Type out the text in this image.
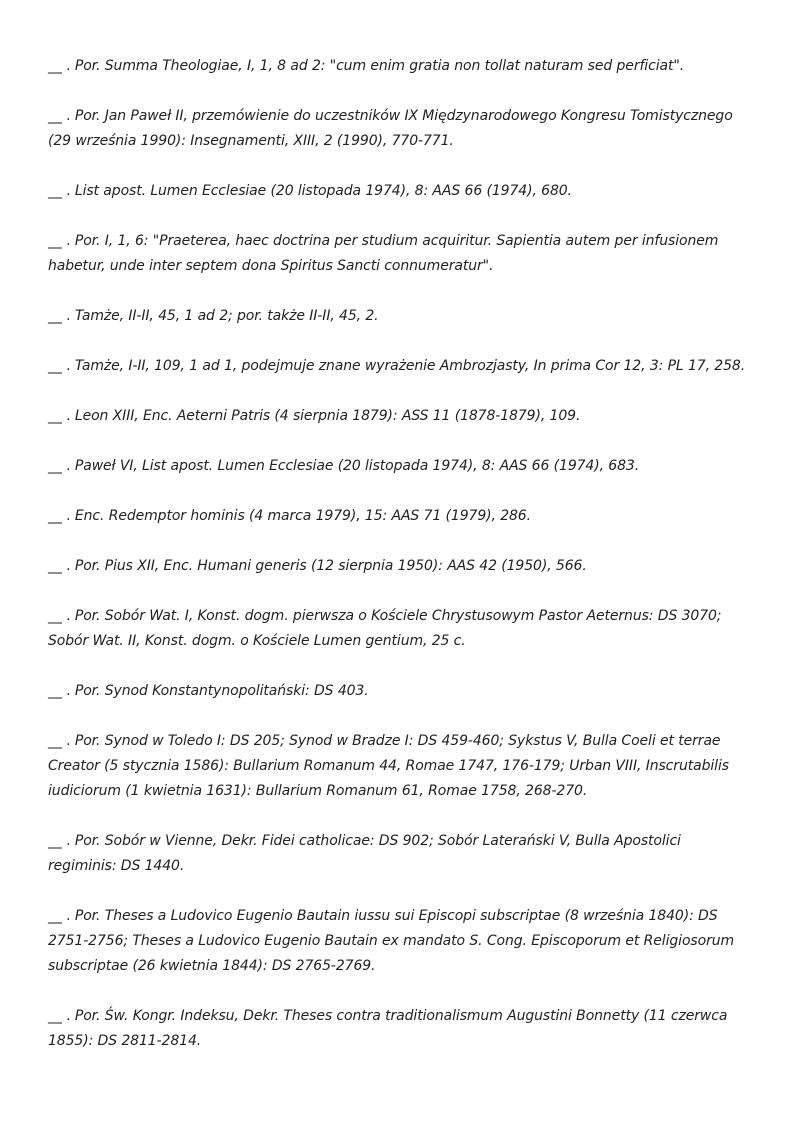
__ . Por. Summa Theologiae, I, 1, 8 ad 2: "cum enim gratia non tollat naturam sed perficiat".

__ . Por. Jan Paweł II, przemówienie do uczestników IX Międzynarodowego Kongresu Tomistycznego (29 września 1990): Insegnamenti, XIII, 2 (1990), 770-771.

__ . List apost. Lumen Ecclesiae (20 listopada 1974), 8: AAS 66 (1974), 680.

__ . Por. I, 1, 6: "Praeterea, haec doctrina per studium acquiritur. Sapientia autem per infusionem habetur, unde inter septem dona Spiritus Sancti connumeratur".

__ . Tamże, II-II, 45, 1 ad 2; por. także II-II, 45, 2.

__ . Tamże, I-II, 109, 1 ad 1, podejmuje znane wyrażenie Ambrozjasty, In prima Cor 12, 3: PL 17, 258.

__ . Leon XIII, Enc. Aeterni Patris (4 sierpnia 1879): ASS 11 (1878-1879), 109.

__ . Paweł VI, List apost. Lumen Ecclesiae (20 listopada 1974), 8: AAS 66 (1974), 683.

__ . Enc. Redemptor hominis (4 marca 1979), 15: AAS 71 (1979), 286.

__ . Por. Pius XII, Enc. Humani generis (12 sierpnia 1950): AAS 42 (1950), 566.

__ . Por. Sobór Wat. I, Konst. dogm. pierwsza o Kościele Chrystusowym Pastor Aeternus: DS 3070; Sobór Wat. II, Konst. dogm. o Kościele Lumen gentium, 25 c.

__ . Por. Synod Konstantynopolitański: DS 403.

__ . Por. Synod w Toledo I: DS 205; Synod w Bradze I: DS 459-460; Sykstus V, Bulla Coeli et terrae Creator (5 stycznia 1586): Bullarium Romanum 44, Romae 1747, 176-179; Urban VIII, Inscrutabilis iudiciorum (1 kwietnia 1631): Bullarium Romanum 61, Romae 1758, 268-270.

__ . Por. Sobór w Vienne, Dekr. Fidei catholicae: DS 902; Sobór Laterański V, Bulla Apostolici regiminis: DS 1440.

__ . Por. Theses a Ludovico Eugenio Bautain iussu sui Episcopi subscriptae (8 września 1840): DS 2751-2756; Theses a Ludovico Eugenio Bautain ex mandato S. Cong. Episcoporum et Religiosorum subscriptae (26 kwietnia 1844): DS 2765-2769.

__ . Por. Św. Kongr. Indeksu, Dekr. Theses contra traditionalismum Augustini Bonnetty (11 czerwca 1855): DS 2811-2814.
